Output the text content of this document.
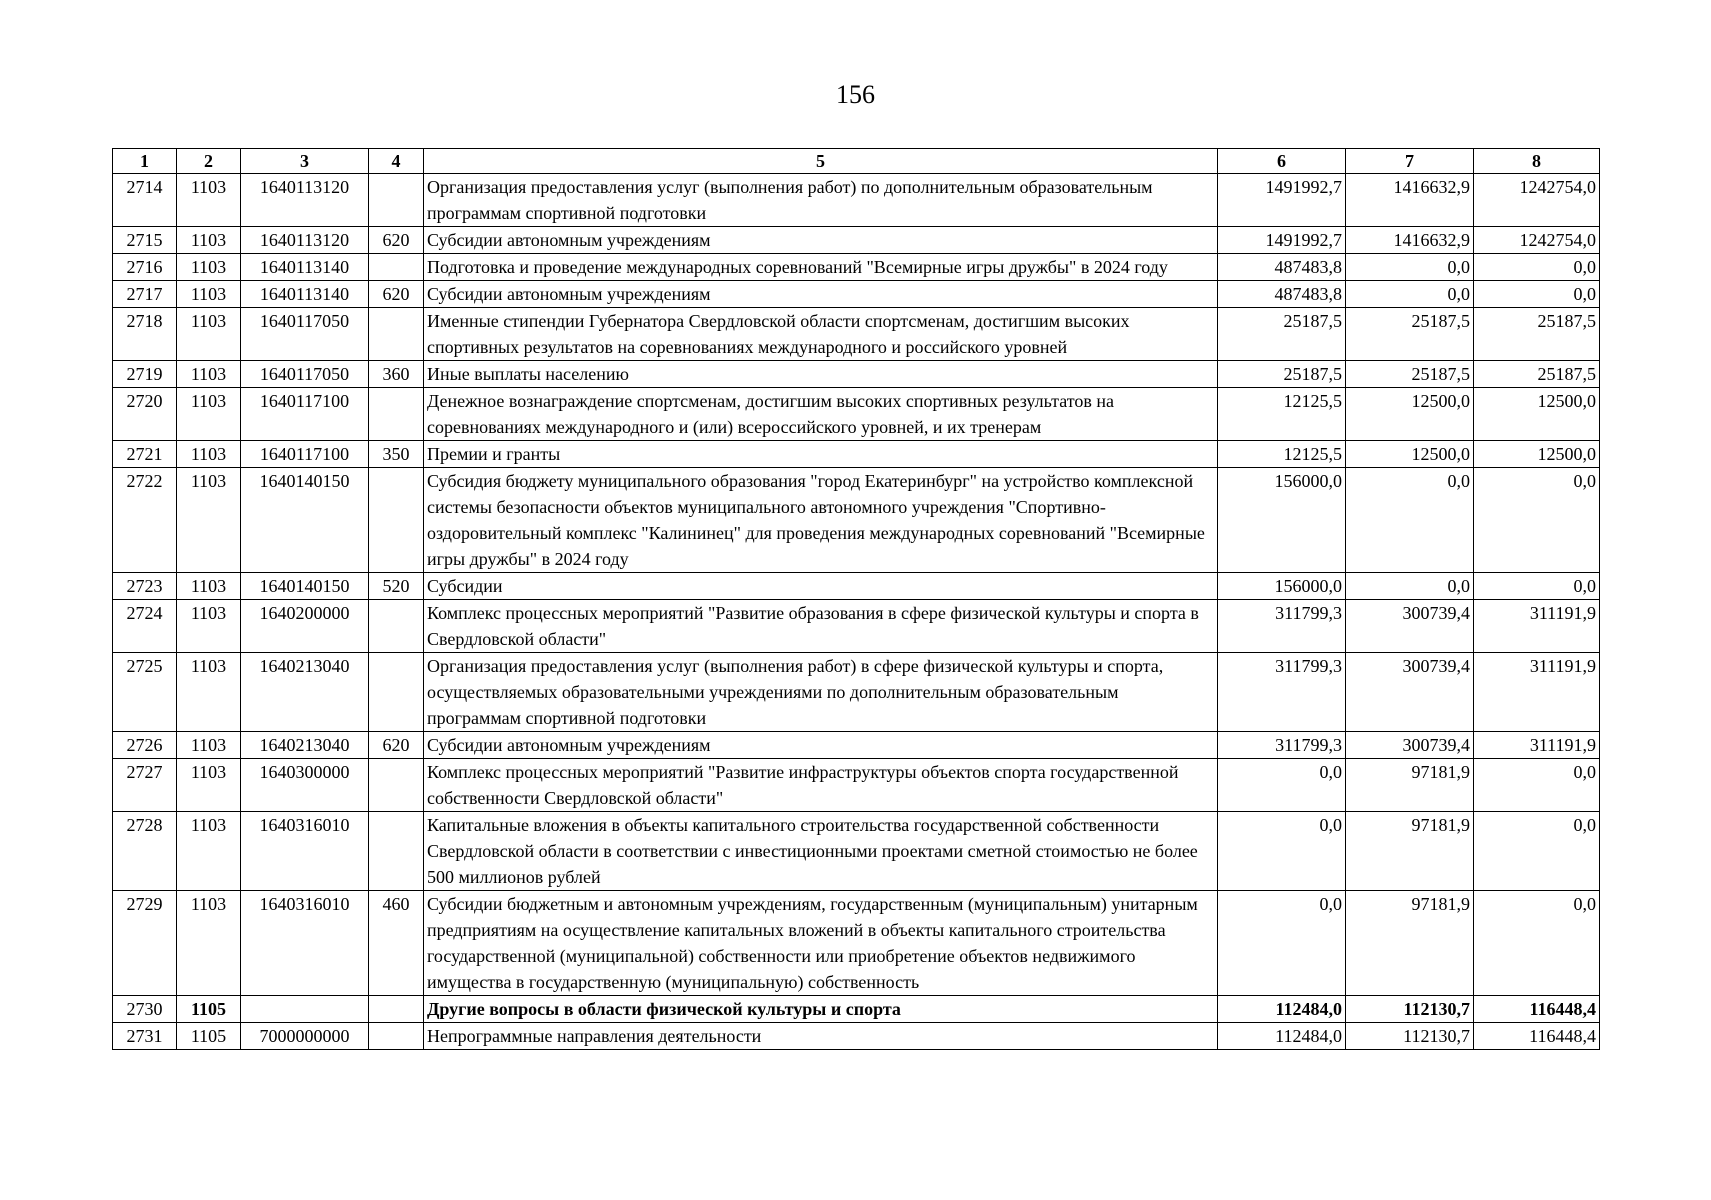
156
1	2	3	4	5	6	7	8
2714	1103	1640113120		Организация предоставления услуг (выполнения работ) по дополнительным образовательным программам спортивной подготовки	1491992,7	1416632,9	1242754,0
2715	1103	1640113120	620	Субсидии автономным учреждениям	1491992,7	1416632,9	1242754,0
2716	1103	1640113140		Подготовка и проведение международных соревнований "Всемирные игры дружбы" в 2024 году	487483,8	0,0	0,0
2717	1103	1640113140	620	Субсидии автономным учреждениям	487483,8	0,0	0,0
2718	1103	1640117050		Именные стипендии Губернатора Свердловской области спортсменам, достигшим высоких спортивных результатов на соревнованиях международного и российского уровней	25187,5	25187,5	25187,5
2719	1103	1640117050	360	Иные выплаты населению	25187,5	25187,5	25187,5
2720	1103	1640117100		Денежное вознаграждение спортсменам, достигшим высоких спортивных результатов на соревнованиях международного и (или) всероссийского уровней, и их тренерам	12125,5	12500,0	12500,0
2721	1103	1640117100	350	Премии и гранты	12125,5	12500,0	12500,0
2722	1103	1640140150		Субсидия бюджету муниципального образования "город Екатеринбург" на устройство комплексной системы безопасности объектов муниципального автономного учреждения "Спортивно-оздоровительный комплекс "Калининец" для проведения международных соревнований "Всемирные игры дружбы" в 2024 году	156000,0	0,0	0,0
2723	1103	1640140150	520	Субсидии	156000,0	0,0	0,0
2724	1103	1640200000		Комплекс процессных мероприятий "Развитие образования в сфере физической культуры и спорта в Свердловской области"	311799,3	300739,4	311191,9
2725	1103	1640213040		Организация предоставления услуг (выполнения работ) в сфере физической культуры и спорта, осуществляемых образовательными учреждениями по дополнительным образовательным программам спортивной подготовки	311799,3	300739,4	311191,9
2726	1103	1640213040	620	Субсидии автономным учреждениям	311799,3	300739,4	311191,9
2727	1103	1640300000		Комплекс процессных мероприятий "Развитие инфраструктуры объектов спорта государственной собственности Свердловской области"	0,0	97181,9	0,0
2728	1103	1640316010		Капитальные вложения в объекты капитального строительства государственной собственности Свердловской области в соответствии с инвестиционными проектами сметной стоимостью не более 500 миллионов рублей	0,0	97181,9	0,0
2729	1103	1640316010	460	Субсидии бюджетным и автономным учреждениям, государственным (муниципальным) унитарным предприятиям на осуществление капитальных вложений в объекты капитального строительства государственной (муниципальной) собственности или приобретение объектов недвижимого имущества в государственную (муниципальную) собственность	0,0	97181,9	0,0
2730	1105			Другие вопросы в области физической культуры и спорта	112484,0	112130,7	116448,4
2731	1105	7000000000		Непрограммные направления деятельности	112484,0	112130,7	116448,4
